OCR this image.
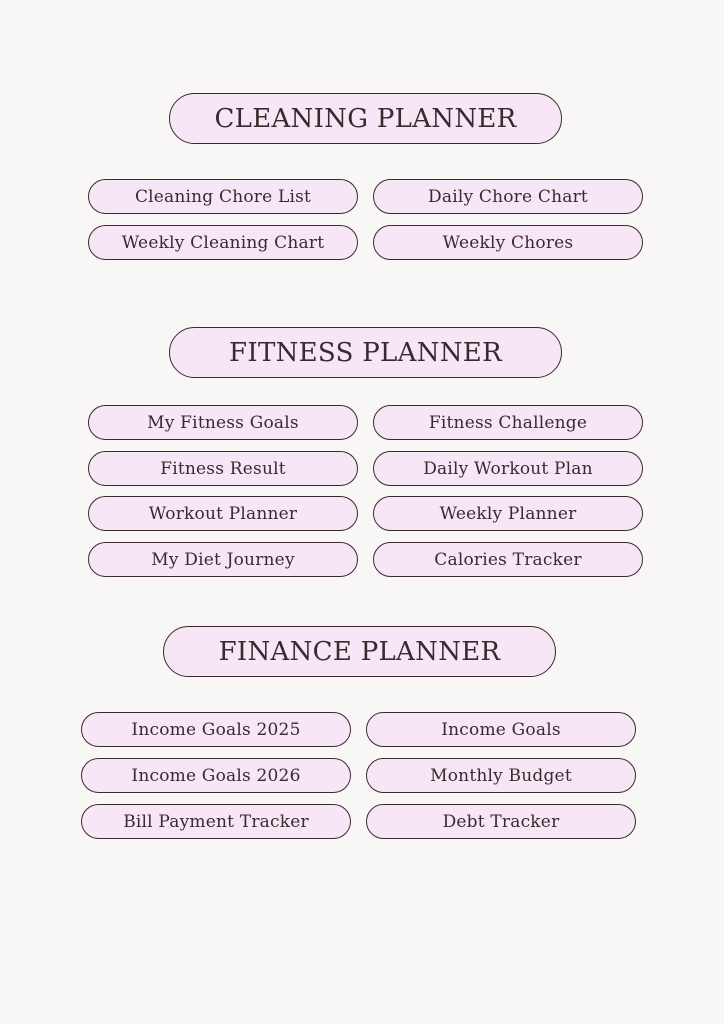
CLEANING PLANNER
Cleaning Chore List	Daily Chore Chart
Weekly Cleaning Chart	Weekly Chores
FITNESS PLANNER
My Fitness Goals	Fitness Challenge
Fitness Result	Daily Workout Plan
Workout Planner	Weekly Planner
My Diet Journey	Calories Tracker
FINANCE PLANNER
Income Goals 2025	Income Goals
Income Goals 2026	Monthly Budget
Bill Payment Tracker	Debt Tracker
